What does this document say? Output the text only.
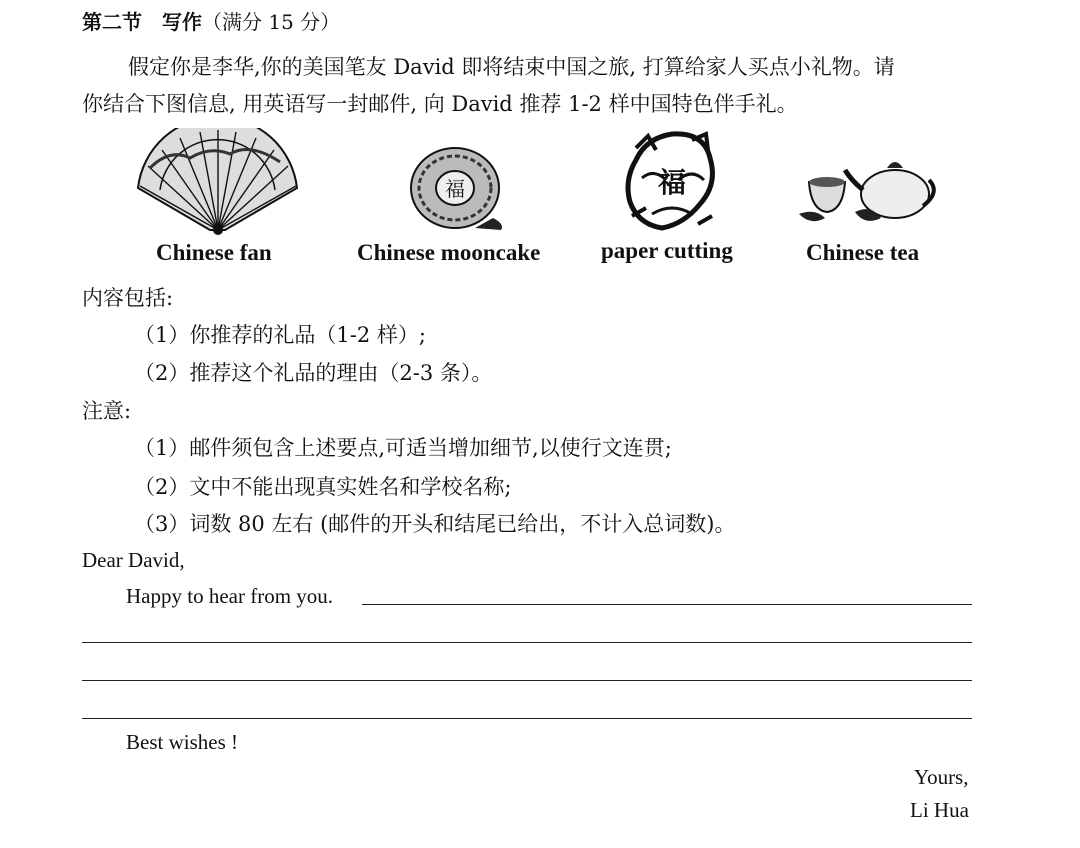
第二节　写作（满分 15 分）
假定你是李华,你的美国笔友 David 即将结束中国之旅, 打算给家人买点小礼物。请
你结合下图信息, 用英语写一封邮件, 向 David 推荐 1-2 样中国特色伴手礼。
福	福
Chinese fan	Chinese mooncake	paper cutting	Chinese tea
内容包括:
（1）你推荐的礼品（1-2 样）;
（2）推荐这个礼品的理由（2-3 条）。
注意:
（1）邮件须包含上述要点,可适当增加细节,以使行文连贯;
（2）文中不能出现真实姓名和学校名称;
（3）词数 80 左右 (邮件的开头和结尾已给出，不计入总词数)。
Dear David,
Happy to hear from you.
Best wishes !
Yours,
Li Hua
